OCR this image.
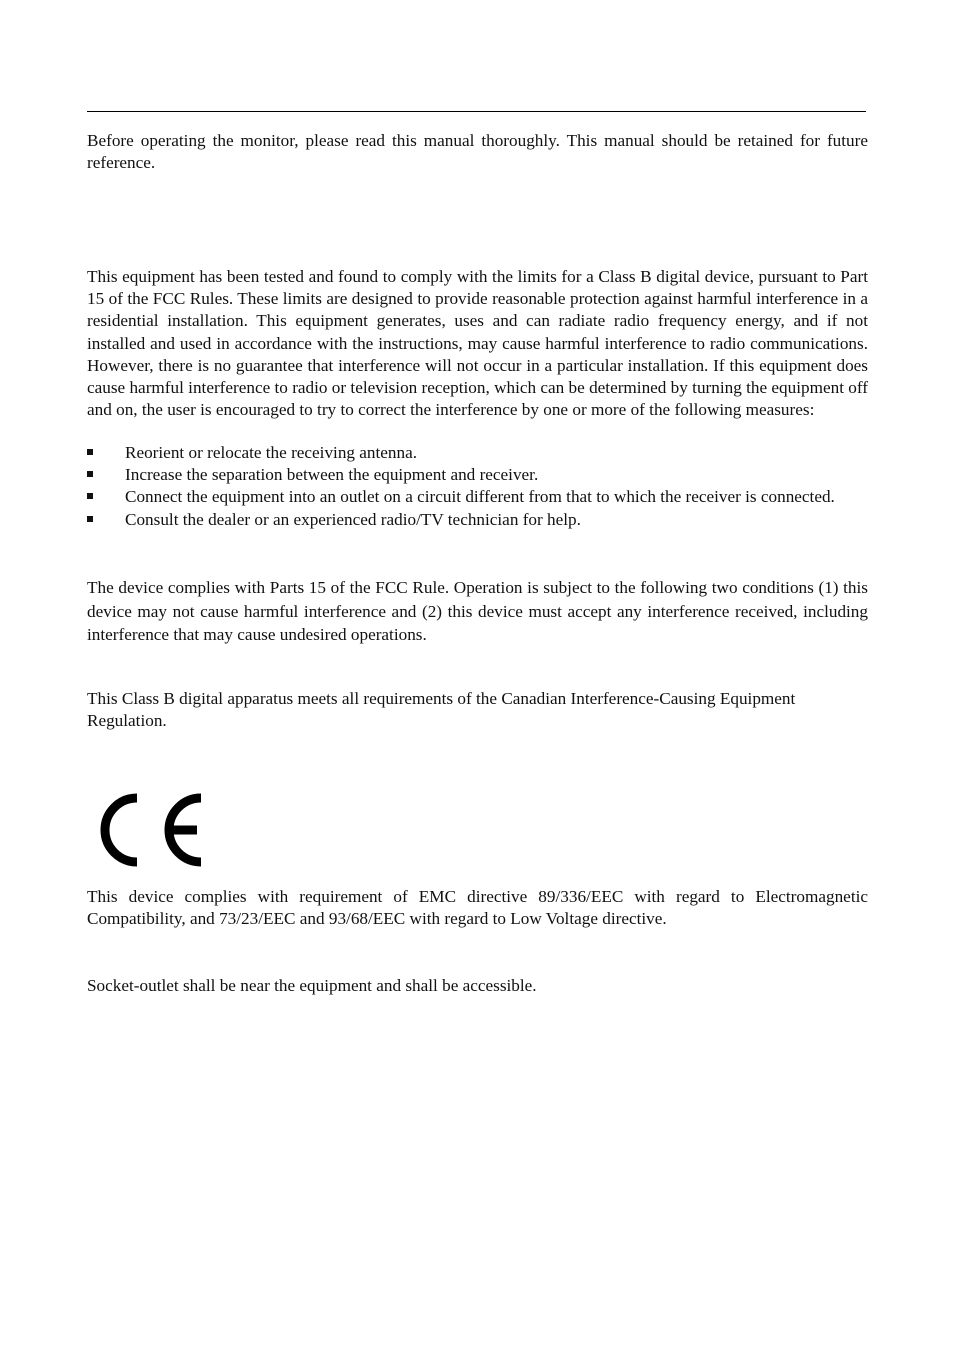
Before operating the monitor, please read this manual thoroughly. This manual should be retained for future reference.

This equipment has been tested and found to comply with the limits for a Class B digital device, pursuant to Part 15 of the FCC Rules. These limits are designed to provide reasonable protection against harmful interference in a residential installation. This equipment generates, uses and can radiate radio frequency energy, and if not installed and used in accordance with the instructions, may cause harmful interference to radio communications. However, there is no guarantee that interference will not occur in a particular installation. If this equipment does cause harmful interference to radio or television reception, which can be determined by turning the equipment off and on, the user is encouraged to try to correct the interference by one or more of the following measures:

Reorient or relocate the receiving antenna.
Increase the separation between the equipment and receiver.
Connect the equipment into an outlet on a circuit different from that to which the receiver is connected.
Consult the dealer or an experienced radio/TV technician for help.

The device complies with Parts 15 of the FCC Rule. Operation is subject to the following two conditions (1) this device may not cause harmful interference and (2) this device must accept any interference received, including interference that may cause undesired operations.

This Class B digital apparatus meets all requirements of the Canadian Interference-Causing Equipment Regulation.

This device complies with requirement of EMC directive 89/336/EEC with regard to Electromagnetic Compatibility, and 73/23/EEC and 93/68/EEC with regard to Low Voltage directive.

Socket-outlet shall be near the equipment and shall be accessible.
